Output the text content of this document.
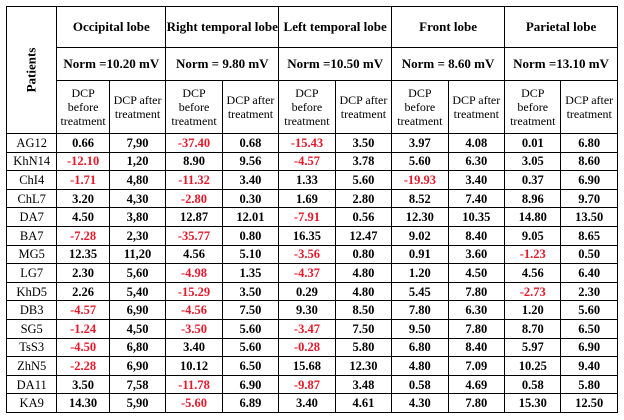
Patients	Occipital lobe		Right temporal lobe		Left temporal lobe		Front lobe		Parietal lobe	
	Norm =10.20 mV		Norm = 9.80 mV		Norm =10.50 mV		Norm = 8.60 mV		Norm =13.10 mV	
	DCP before treatment	DCP after treatment	DCP before treatment	DCP after treatment	DCP before treatment	DCP after treatment	DCP before treatment	DCP after treatment	DCP before treatment	DCP after treatment
AG12	0.66	7,90	-37.40	0.68	-15.43	3.50	3.97	4.08	0.01	6.80
KhN14	-12.10	1,20	8.90	9.56	-4.57	3.78	5.60	6.30	3.05	8.60
ChI4	-1.71	4,80	-11.32	3.40	1.33	5.60	-19.93	3.40	0.37	6.90
ChL7	3.20	4,30	-2.80	0.30	1.69	2.80	8.52	7.40	8.96	9.70
DA7	4.50	3,80	12.87	12.01	-7.91	0.56	12.30	10.35	14.80	13.50
BA7	-7.28	2,30	-35.77	0.80	16.35	12.47	9.02	8.40	9.05	8.65
MG5	12.35	11,20	4.56	5.10	-3.56	0.80	0.91	3.60	-1.23	0.50
LG7	2.30	5,60	-4.98	1.35	-4.37	4.80	1.20	4.50	4.56	6.40
KhD5	2.26	5,40	-15.29	3.50	0.29	4.80	5.45	7.80	-2.73	2.30
DB3	-4.57	6,90	-4.56	7.50	9.30	8.50	7.80	6.30	1.20	5.60
SG5	-1.24	4,50	-3.50	5.60	-3.47	7.50	9.50	7.80	8.70	6.50
TsS3	-4.50	6,80	3.40	5.60	-0.28	5.80	6.80	8.40	5.97	6.90
ZhN5	-2.28	6,90	10.12	6.50	15.68	12.30	4.80	7.09	10.25	9.40
DA11	3.50	7,58	-11.78	6.90	-9.87	3.48	0.58	4.69	0.58	5.80
KA9	14.30	5,90	-5.60	6.89	3.40	4.61	4.30	7.80	15.30	12.50
